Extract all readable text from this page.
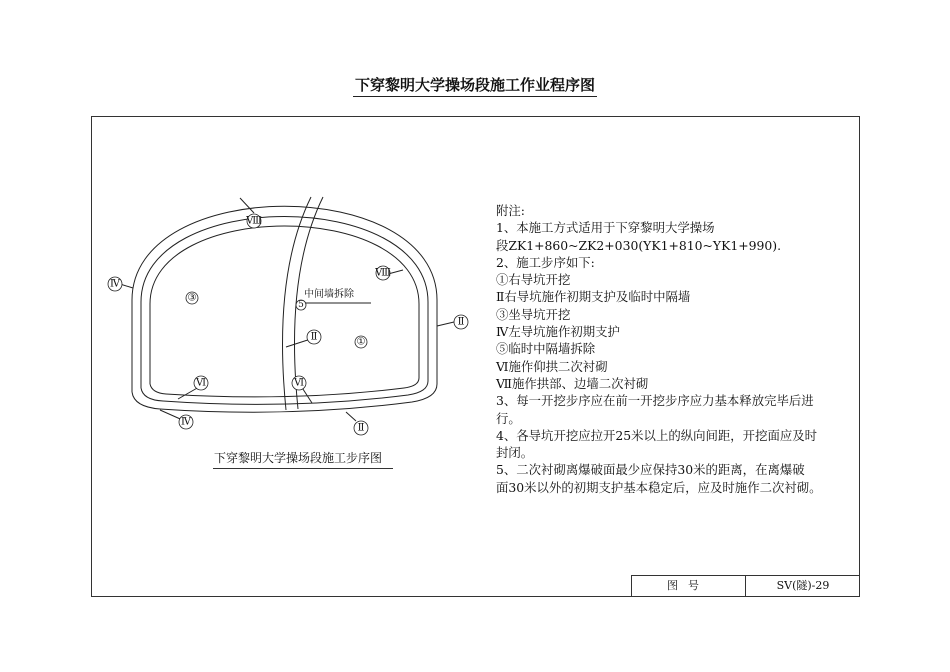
下穿黎明大学操场段施工作业程序图
Ⅷ
Ⅷ
Ⅳ
Ⅱ
③
5
Ⅱ	①
Ⅵ	Ⅵ
Ⅳ
Ⅱ
中间墙拆除
下穿黎明大学操场段施工步序图
附注:
1、本施工方式适用于下穿黎明大学操场
段ZK1+860~ZK2+030(YK1+810~YK1+990).
2、施工步序如下:
①右导坑开挖
Ⅱ右导坑施作初期支护及临时中隔墙
③坐导坑开挖
Ⅳ左导坑施作初期支护
⑤临时中隔墙拆除
Ⅵ施作仰拱二次衬砌
Ⅶ施作拱部、边墙二次衬砌
3、每一开挖步序应在前一开挖步序应力基本释放完毕后进
行。
4、各导坑开挖应拉开25米以上的纵向间距，开挖面应及时
封闭。
5、二次衬砌离爆破面最少应保持30米的距离，在离爆破
面30米以外的初期支护基本稳定后，应及时施作二次衬砌。
图号	SV(隧)-29
